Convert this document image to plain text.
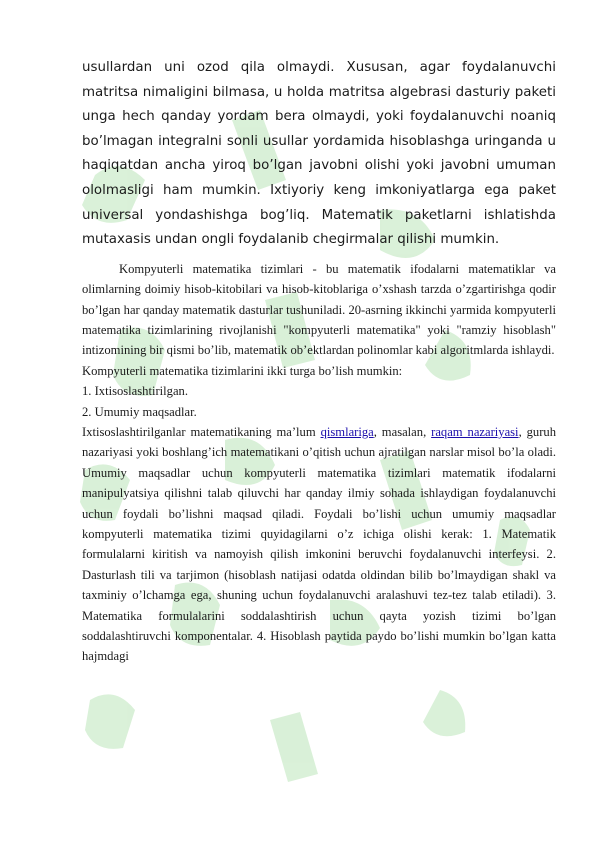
usullardan uni ozod qila olmaydi. Xususan, agar foydalanuvchi matritsa nimaligini bilmasa, u holda matritsa algebrasi dasturiy paketi unga hech qanday yordam bera olmaydi, yoki foydalanuvchi noaniq bo’lmagan integralni sonli usullar yordamida hisoblashga uringanda u haqiqatdan ancha yiroq bo’lgan javobni olishi yoki javobni umuman ololmasligi ham mumkin. Ixtiyoriy keng imkoniyatlarga ega paket universal yondashishga bog’liq. Matematik paketlarni ishlatishda mutaxasis undan ongli foydalanib chegirmalar qilishi mumkin.

Kompyuterli matematika tizimlari - bu matematik ifodalarni matematiklar va olimlarning doimiy hisob-kitobilari va hisob-kitoblariga o’xshash tarzda o’zgartirishga qodir bo’lgan har qanday matematik dasturlar tushuniladi. 20-asrning ikkinchi yarmida kompyuterli matematika tizimlarining rivojlanishi "kompyuterli matematika" yoki "ramziy hisoblash" intizomining bir qismi bo’lib, matematik ob’ektlardan polinomlar kabi algoritmlarda ishlaydi.

Kompyuterli matematika tizimlarini ikki turga bo’lish mumkin:

1. Ixtisoslashtirilgan.

2. Umumiy maqsadlar.

Ixtisoslashtirilganlar matematikaning ma’lum qismlariga, masalan, raqam nazariyasi, guruh nazariyasi yoki boshlang’ich matematikani o’qitish uchun ajratilgan narslar misol bo’la oladi. Umumiy maqsadlar uchun kompyuterli matematika tizimlari matematik ifodalarni manipulyatsiya qilishni talab qiluvchi har qanday ilmiy sohada ishlaydigan foydalanuvchi uchun foydali bo’lishni maqsad qiladi. Foydali bo’lishi uchun umumiy maqsadlar kompyuterli matematika tizimi quyidagilarni o’z ichiga olishi kerak: 1. Matematik formulalarni kiritish va namoyish qilish imkonini beruvchi foydalanuvchi interfeysi. 2. Dasturlash tili va tarjimon (hisoblash natijasi odatda oldindan bilib bo’lmaydigan shakl va taxminiy o’lchamga ega, shuning uchun foydalanuvchi aralashuvi tez-tez talab etiladi). 3. Matematika formulalarini soddalashtirish uchun qayta yozish tizimi bo’lgan soddalashtiruvchi komponentalar. 4. Hisoblash paytida paydo bo’lishi mumkin bo’lgan katta hajmdagi
